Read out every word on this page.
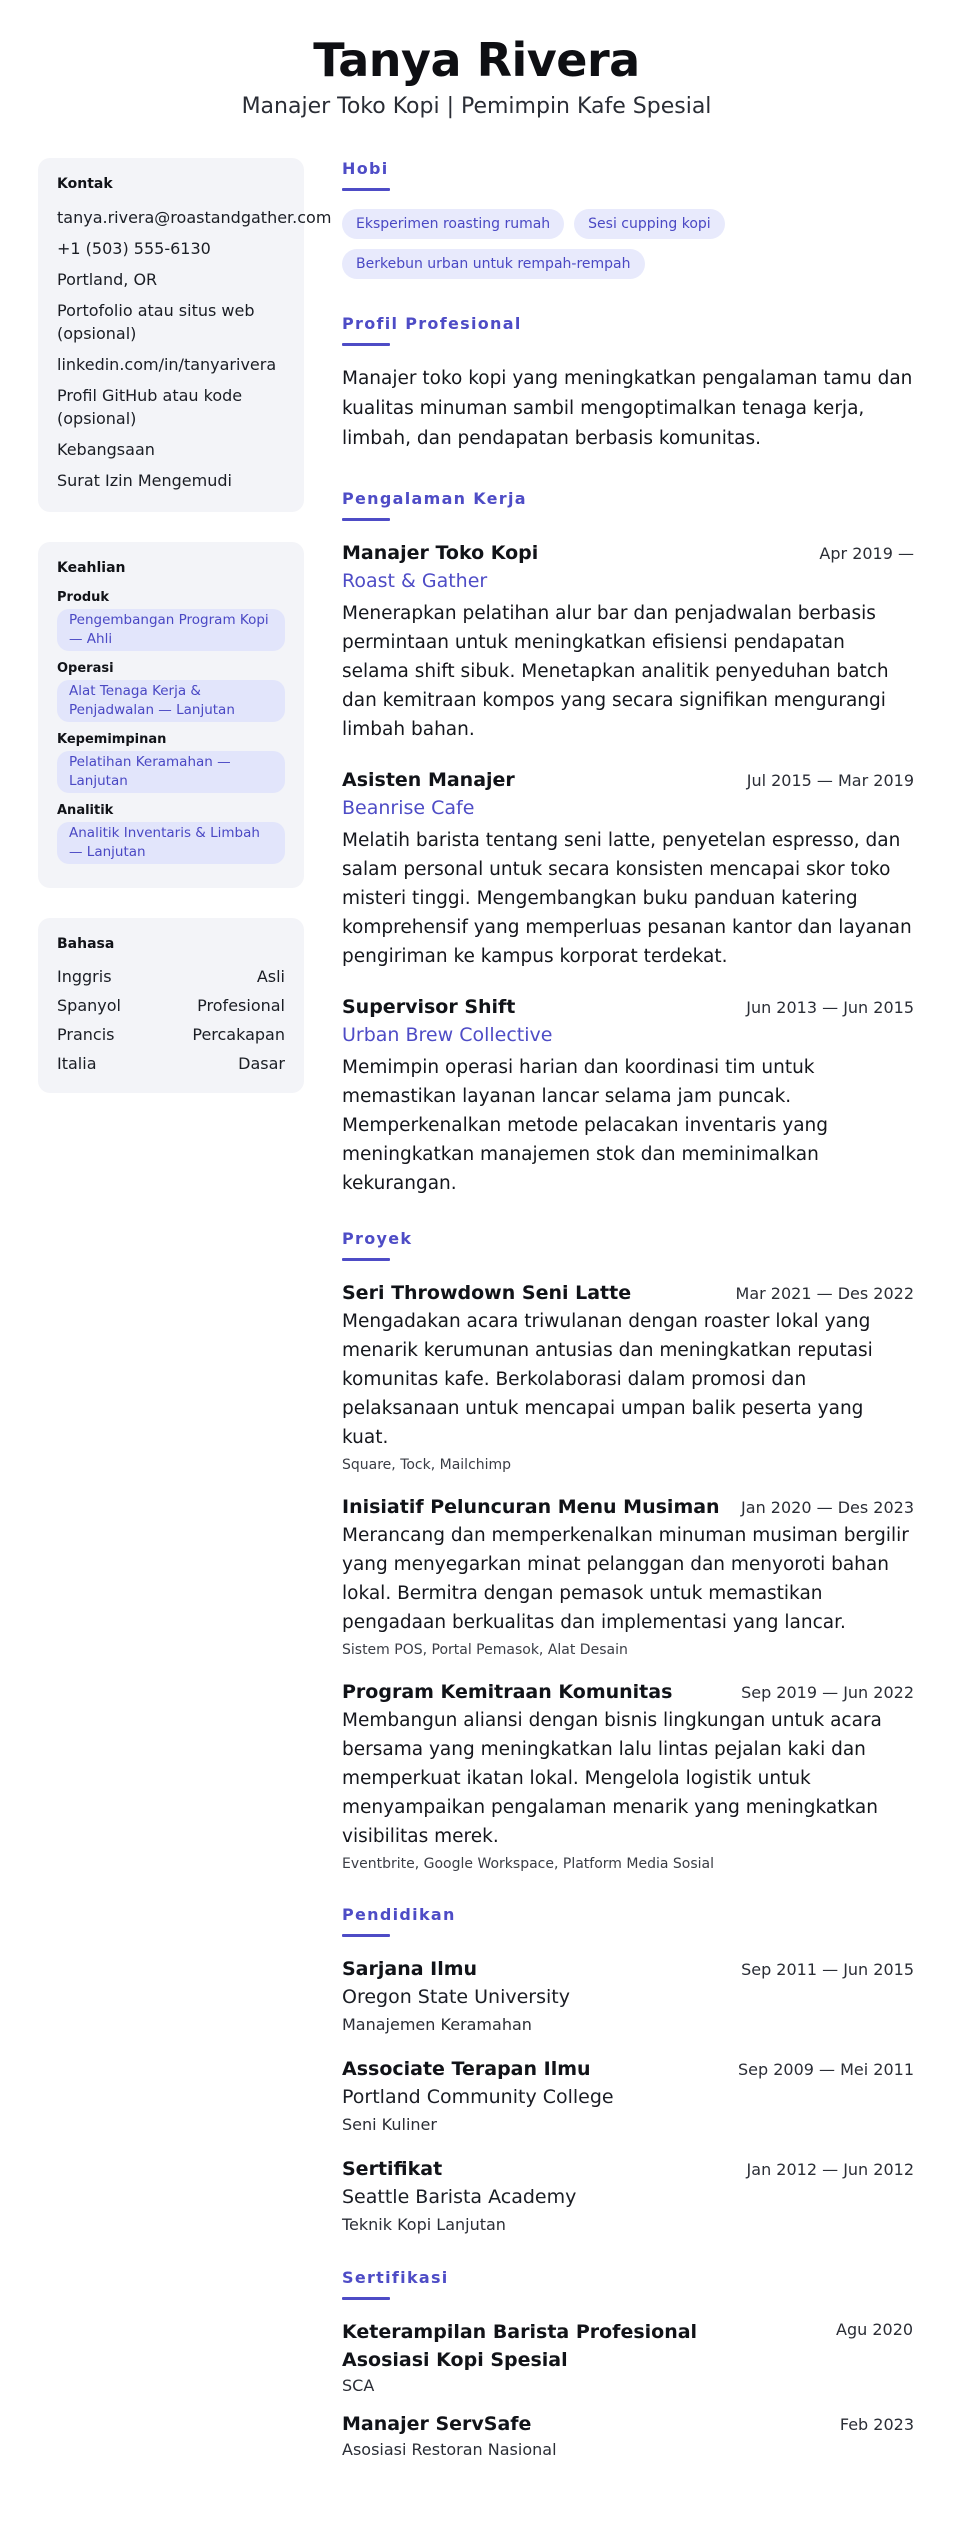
Tanya Rivera
Manajer Toko Kopi | Pemimpin Kafe Spesial
Kontak
tanya.rivera@roastandgather.com
+1 (503) 555-6130
Portland, OR
Portofolio atau situs web (opsional)
linkedin.com/in/tanyarivera
Profil GitHub atau kode (opsional)
Kebangsaan
Surat Izin Mengemudi
Keahlian
Produk
Pengembangan Program Kopi — Ahli
Operasi
Alat Tenaga Kerja & Penjadwalan — Lanjutan
Kepemimpinan
Pelatihan Keramahan — Lanjutan
Analitik
Analitik Inventaris & Limbah — Lanjutan
Bahasa
Inggris	Asli
Spanyol	Profesional
Prancis	Percakapan
Italia	Dasar
Hobi
Eksperimen roasting rumah	Sesi cupping kopiBerkebun urban untuk rempah-rempah
Profil Profesional
Manajer toko kopi yang meningkatkan pengalaman tamu dan kualitas minuman sambil mengoptimalkan tenaga kerja, limbah, dan pendapatan berbasis komunitas.
Pengalaman Kerja
Manajer Toko Kopi	Apr 2019 —
Roast & Gather
Menerapkan pelatihan alur bar dan penjadwalan berbasis permintaan untuk meningkatkan efisiensi pendapatan selama shift sibuk. Menetapkan analitik penyeduhan batch dan kemitraan kompos yang secara signifikan mengurangi limbah bahan.
Asisten Manajer	Jul 2015 — Mar 2019
Beanrise Cafe
Melatih barista tentang seni latte, penyetelan espresso, dan salam personal untuk secara konsisten mencapai skor toko misteri tinggi. Mengembangkan buku panduan katering komprehensif yang memperluas pesanan kantor dan layanan pengiriman ke kampus korporat terdekat.
Supervisor Shift	Jun 2013 — Jun 2015
Urban Brew Collective
Memimpin operasi harian dan koordinasi tim untuk memastikan layanan lancar selama jam puncak. Memperkenalkan metode pelacakan inventaris yang meningkatkan manajemen stok dan meminimalkan kekurangan.
Proyek
Seri Throwdown Seni Latte	Mar 2021 — Des 2022
Mengadakan acara triwulanan dengan roaster lokal yang menarik kerumunan antusias dan meningkatkan reputasi komunitas kafe. Berkolaborasi dalam promosi dan pelaksanaan untuk mencapai umpan balik peserta yang kuat.
Square, Tock, Mailchimp
Inisiatif Peluncuran Menu Musiman Jan 2020 — Des 2023
Merancang dan memperkenalkan minuman musiman bergilir yang menyegarkan minat pelanggan dan menyoroti bahan lokal. Bermitra dengan pemasok untuk memastikan pengadaan berkualitas dan implementasi yang lancar.
Sistem POS, Portal Pemasok, Alat Desain
Program Kemitraan Komunitas	Sep 2019 — Jun 2022
Membangun aliansi dengan bisnis lingkungan untuk acara bersama yang meningkatkan lalu lintas pejalan kaki dan memperkuat ikatan lokal. Mengelola logistik untuk menyampaikan pengalaman menarik yang meningkatkan visibilitas merek.
Eventbrite, Google Workspace, Platform Media Sosial
Pendidikan
Sarjana Ilmu	Sep 2011 — Jun 2015
Oregon State University
Manajemen Keramahan
Associate Terapan Ilmu	Sep 2009 — Mei 2011
Portland Community College
Seni Kuliner
Sertifikat	Jan 2012 — Jun 2012
Seattle Barista Academy
Teknik Kopi Lanjutan
Sertifikasi
Keterampilan Barista Profesional Asosiasi Kopi Spesial
Agu 2020
SCA
Manajer ServSafe	Feb 2023
Asosiasi Restoran Nasional
